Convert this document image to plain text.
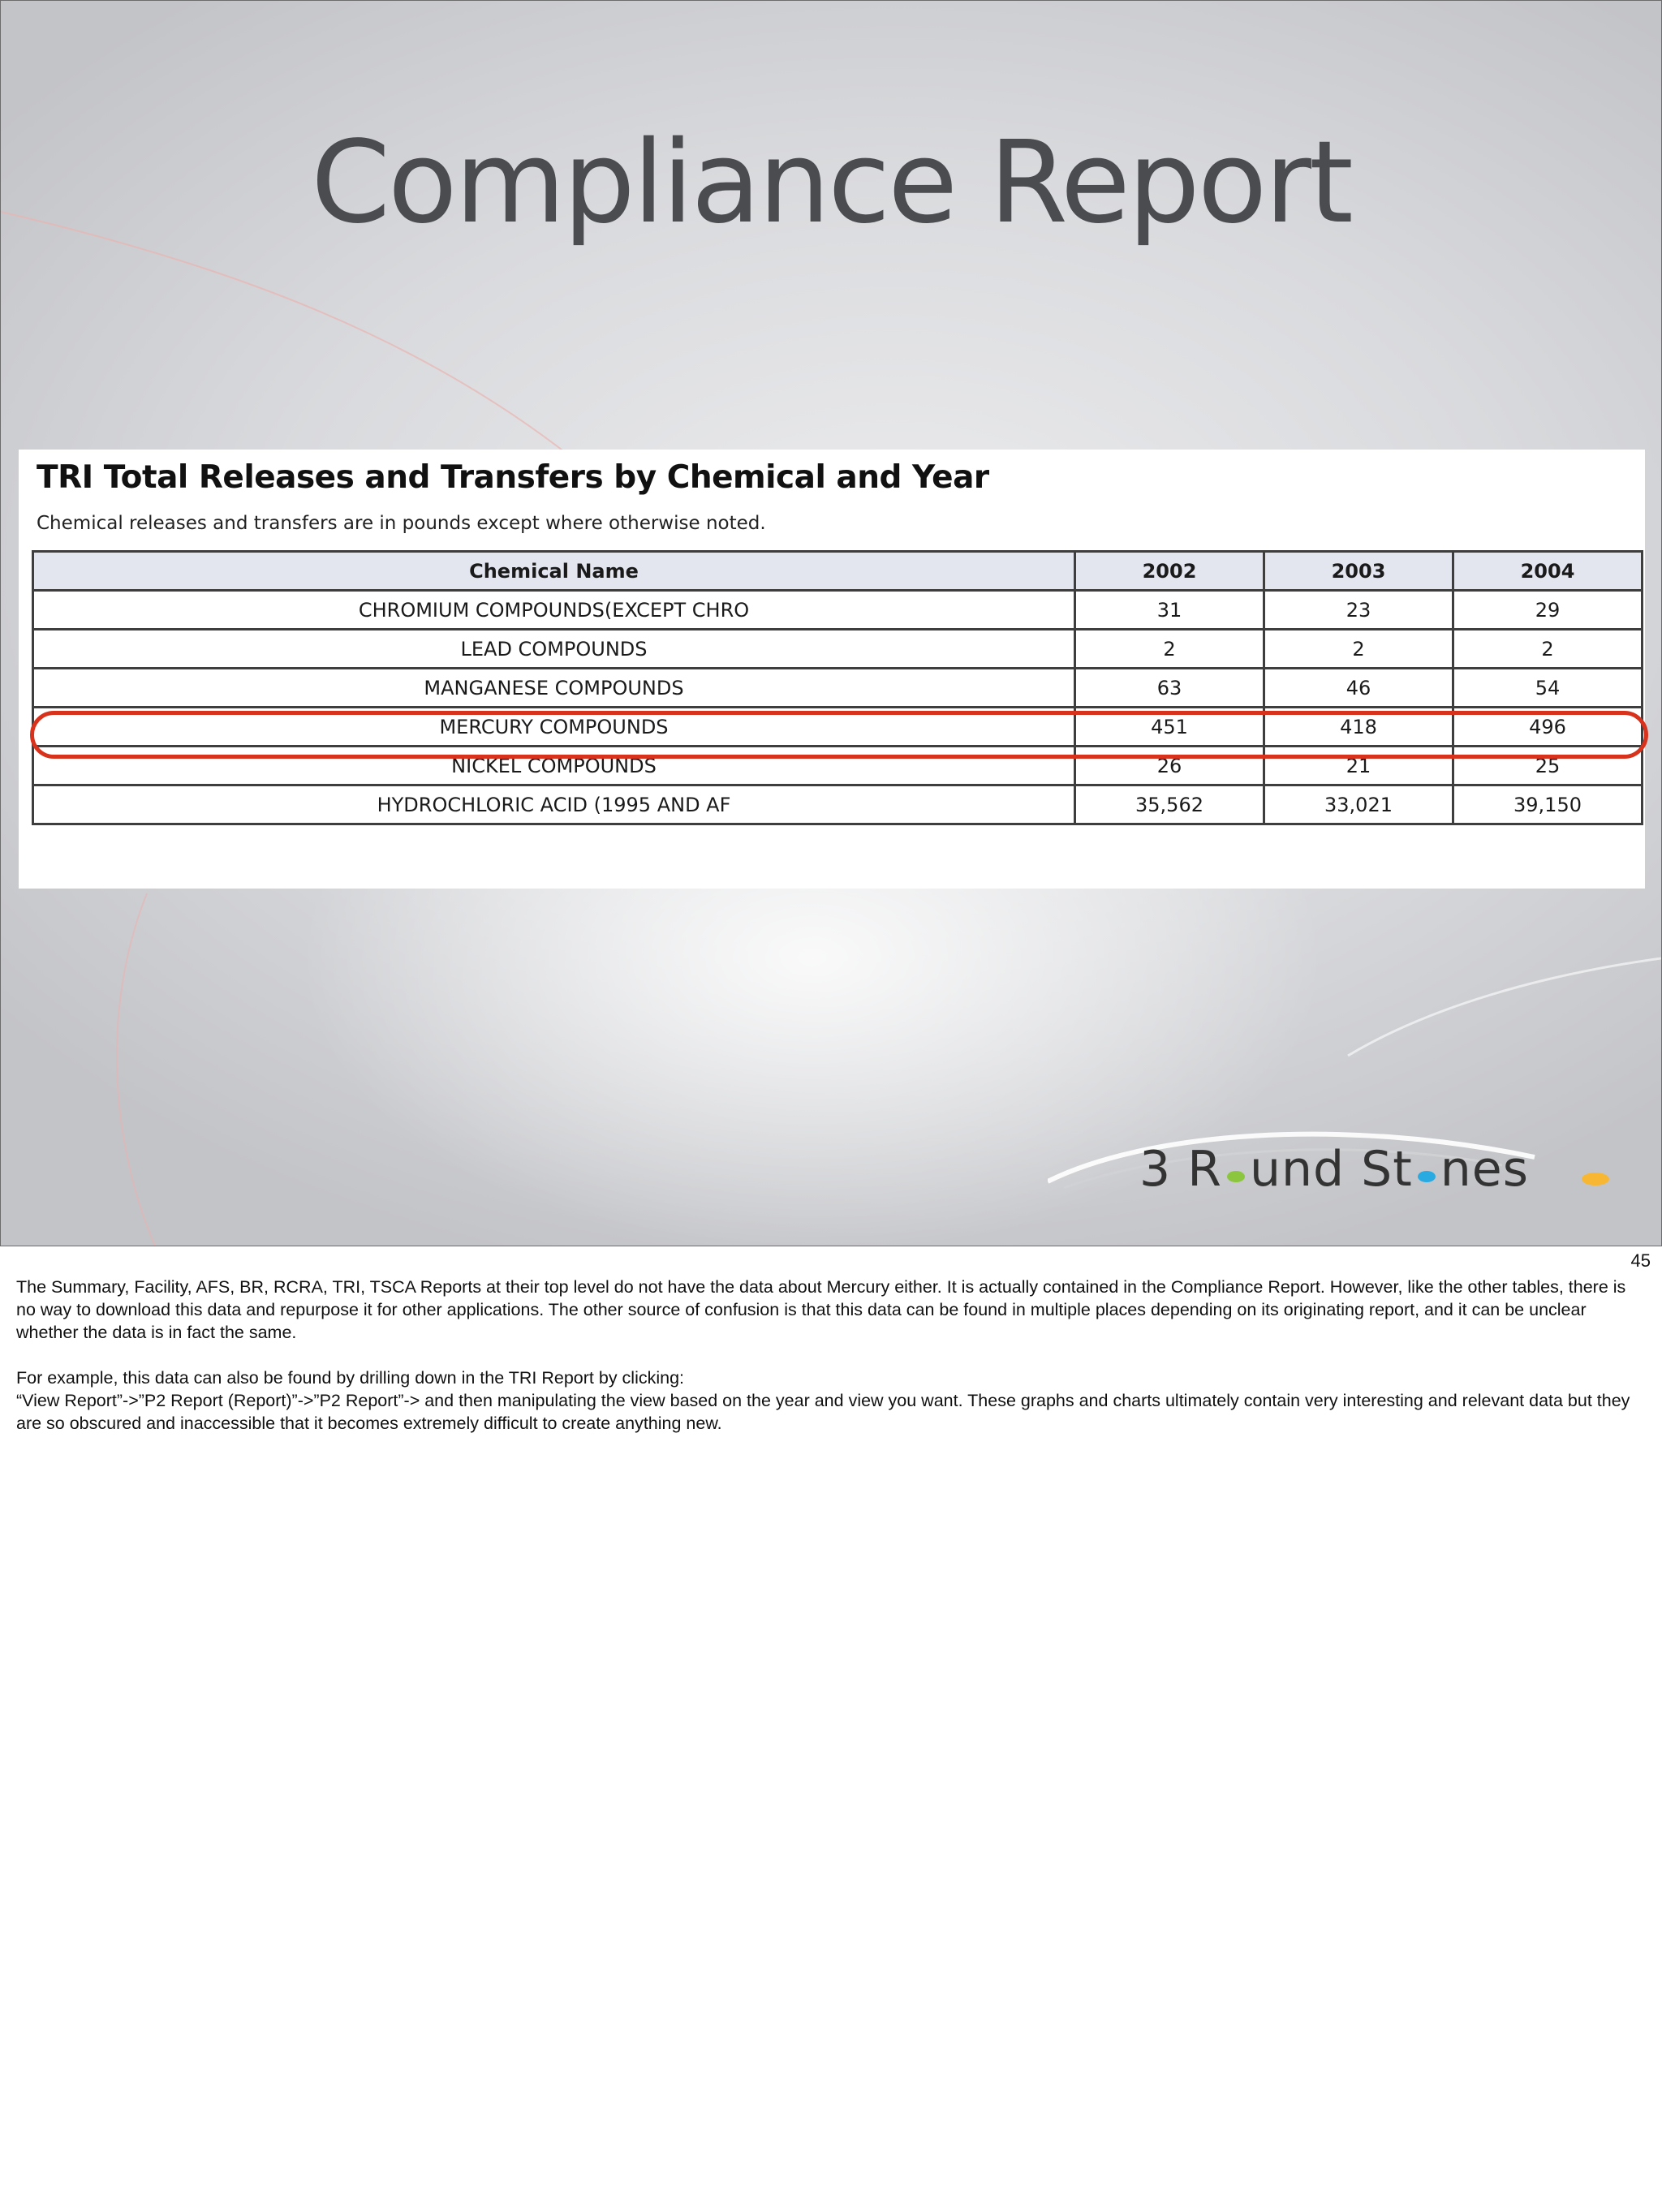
Compliance Report
TRI Total Releases and Transfers by Chemical and Year
Chemical releases and transfers are in pounds except where otherwise noted.
Chemical Name	2002	2003	2004
CHROMIUM COMPOUNDS(EXCEPT CHRO	31	23	29
LEAD COMPOUNDS	2	2	2
MANGANESE COMPOUNDS	63	46	54
MERCURY COMPOUNDS	451	418	496
NICKEL COMPOUNDS	26	21	25
HYDROCHLORIC ACID (1995 AND AF	35,562	33,021	39,150
3 R und St nes
45

The Summary, Facility, AFS, BR, RCRA, TRI, TSCA Reports at their top level do not have the data about Mercury either. It is actually contained in the Compliance Report. However, like the other tables, there is no way to download this data and repurpose it for other applications. The other source of confusion is that this data can be found in multiple places depending on its originating report, and it can be unclear whether the data is in fact the same.

For example, this data can also be found by drilling down in the TRI Report by clicking:
“View Report”->”P2 Report (Report)”->”P2 Report”-> and then manipulating the view based on the year and view you want. These graphs and charts ultimately contain very interesting and relevant data but they are so obscured and inaccessible that it becomes extremely difficult to create anything new.
